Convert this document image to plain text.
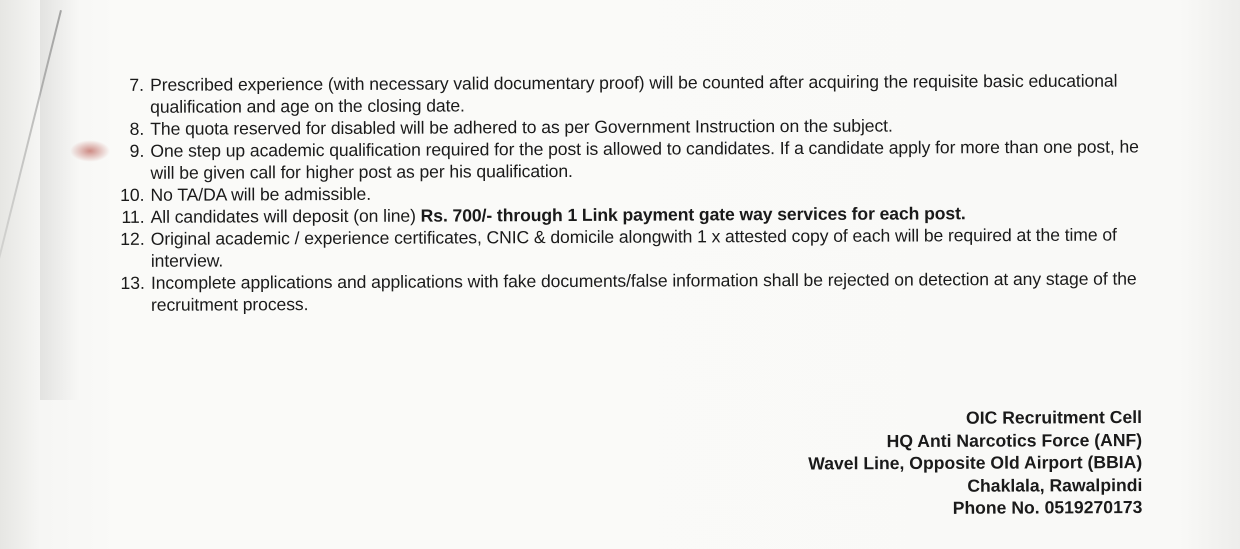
7. Prescribed experience (with necessary valid documentary proof) will be counted after acquiring the requisite basic educational qualification and age on the closing date.
8. The quota reserved for disabled will be adhered to as per Government Instruction on the subject.
9. One step up academic qualification required for the post is allowed to candidates. If a candidate apply for more than one post, he will be given call for higher post as per his qualification.
10. No TA/DA will be admissible.
11. All candidates will deposit (on line) Rs. 700/- through 1 Link payment gate way services for each post.
12. Original academic / experience certificates, CNIC & domicile alongwith 1 x attested copy of each will be required at the time of interview.
13. Incomplete applications and applications with fake documents/false information shall be rejected on detection at any stage of the recruitment process.
OIC Recruitment Cell
HQ Anti Narcotics Force (ANF)
Wavel Line, Opposite Old Airport (BBIA)
Chaklala, Rawalpindi
Phone No. 0519270173
